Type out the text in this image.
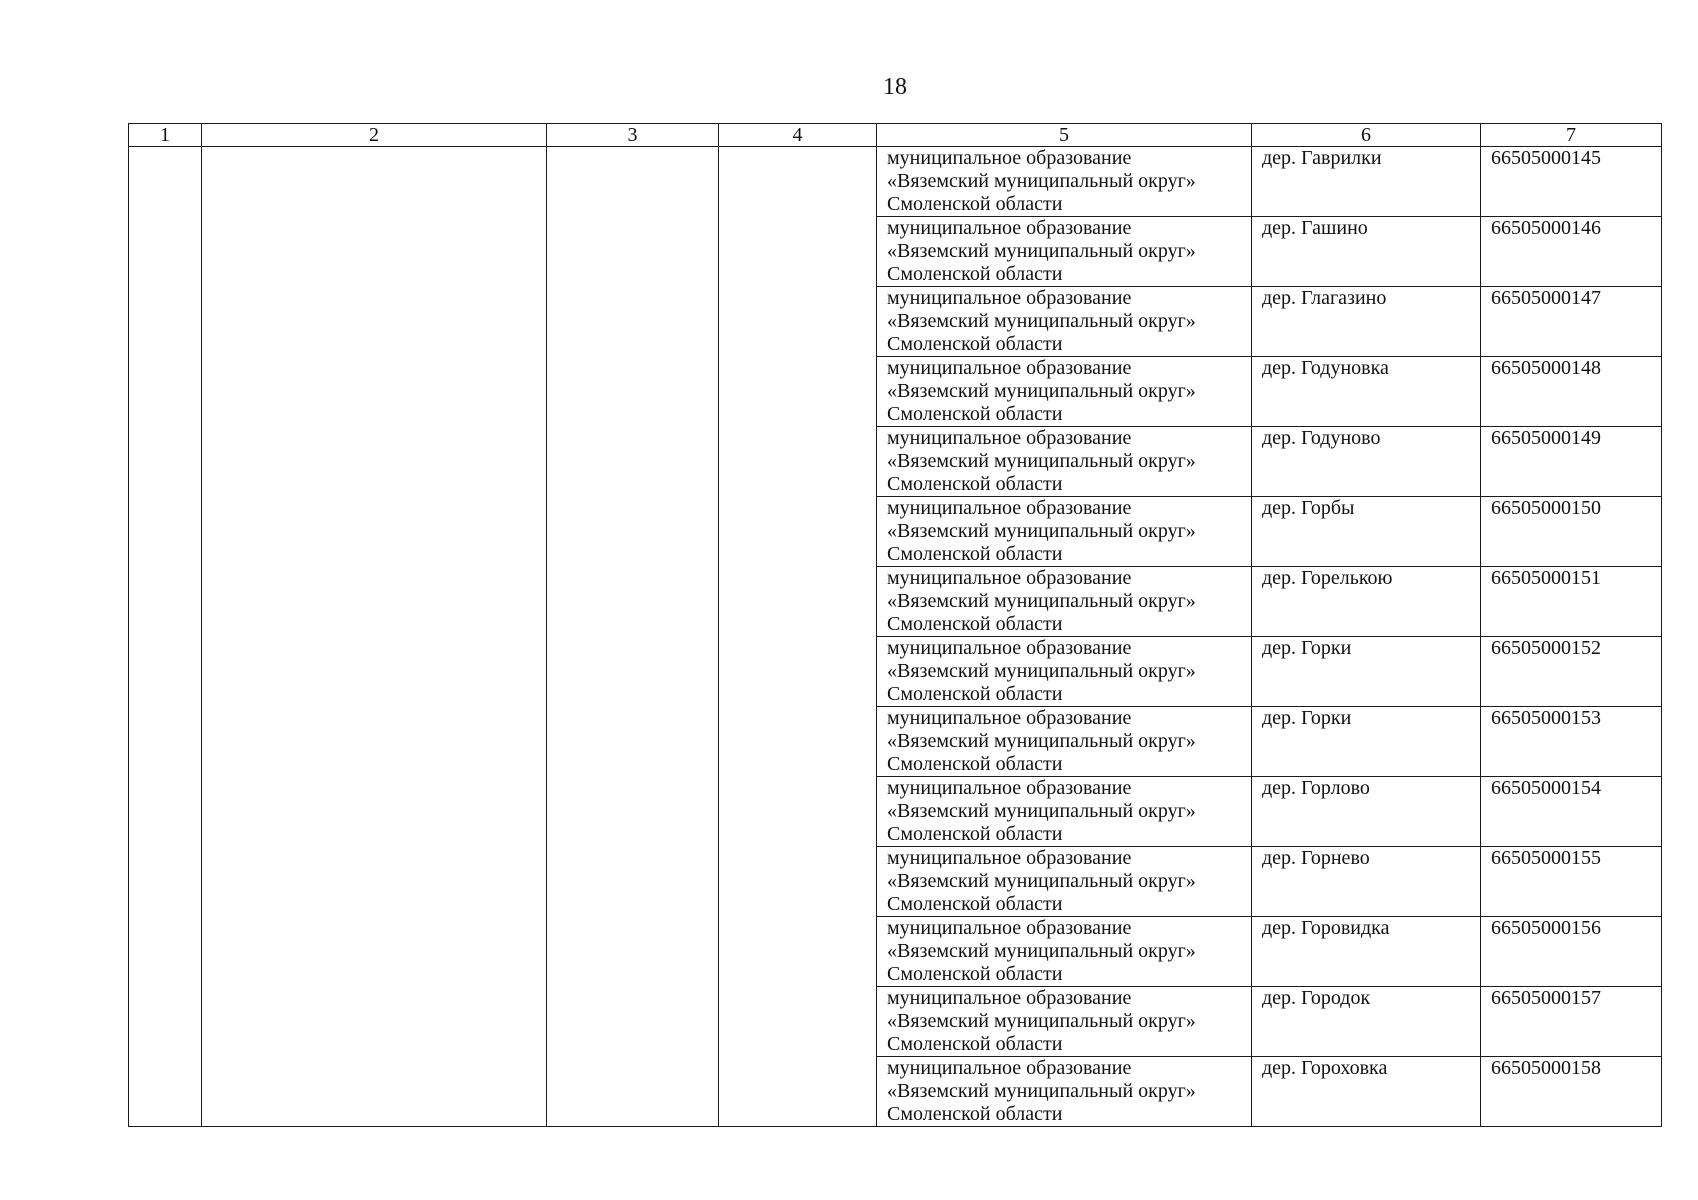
18
1	2	3	4	5	6	7

				муниципальное образование
«Вяземский муниципальный округ»
Смоленской области	дер. Гаврилки	66505000145

				муниципальное образование
«Вяземский муниципальный округ»
Смоленской области	дер. Гашино	66505000146

				муниципальное образование
«Вяземский муниципальный округ»
Смоленской области	дер. Глагазино	66505000147

				муниципальное образование
«Вяземский муниципальный округ»
Смоленской области	дер. Годуновка	66505000148

				муниципальное образование
«Вяземский муниципальный округ»
Смоленской области	дер. Годуново	66505000149

				муниципальное образование
«Вяземский муниципальный округ»
Смоленской области	дер. Горбы	66505000150

				муниципальное образование
«Вяземский муниципальный округ»
Смоленской области	дер. Горелькою	66505000151

				муниципальное образование
«Вяземский муниципальный округ»
Смоленской области	дер. Горки	66505000152

				муниципальное образование
«Вяземский муниципальный округ»
Смоленской области	дер. Горки	66505000153

				муниципальное образование
«Вяземский муниципальный округ»
Смоленской области	дер. Горлово	66505000154

				муниципальное образование
«Вяземский муниципальный округ»
Смоленской области	дер. Горнево	66505000155

				муниципальное образование
«Вяземский муниципальный округ»
Смоленской области	дер. Горовидка	66505000156

				муниципальное образование
«Вяземский муниципальный округ»
Смоленской области	дер. Городок	66505000157

				муниципальное образование
«Вяземский муниципальный округ»
Смоленской области	дер. Гороховка	66505000158
